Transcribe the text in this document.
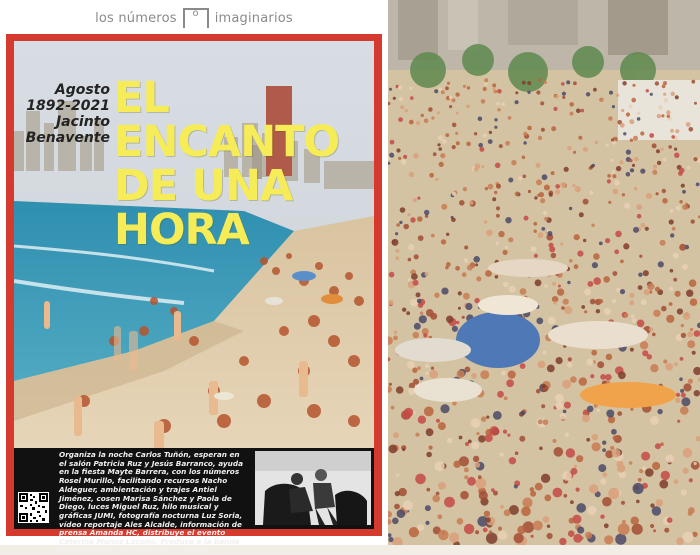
los números o imaginarios
Agosto
1892-2021
Jacinto
Benavente
EL ENCANTO
DE UNA
HORA
Organiza la noche Carlos Tuñón, esperan en el salón Patricia Ruz y Jesús Barranco, ayuda en la fiesta Mayte Barrera, con los números Rosel Murillo, facilitando recursos Nacho Aldeguer, ambientación y trajes Antiel Jiménez, cosen Marisa Sánchez y Paola de Diego, luces Miguel Ruz, hilo musical y gráficas JUMI, fotografía nocturna Luz Soria, vídeo reportaje Ales Alcalde, información de prensa Amanda HC, distribuye el evento Caterina Muñoz Luceño. Produce a la banda Bella Batalla y el Teatro de La Abadía.
